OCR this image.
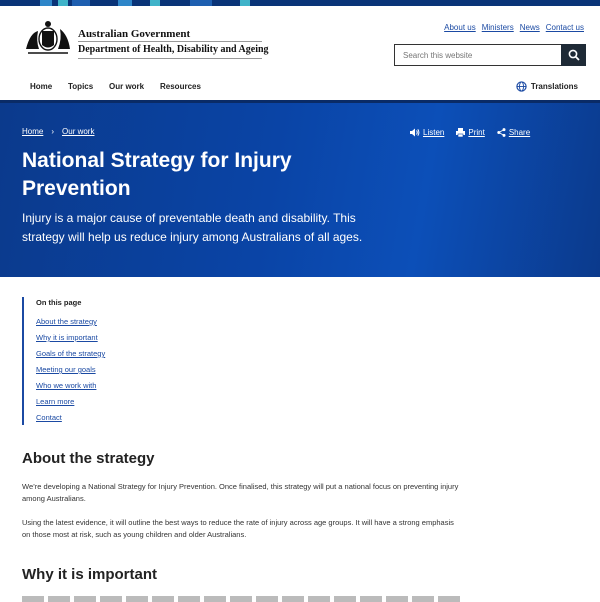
Australian Government
Department of Health, Disability and Ageing
About us Ministers News Contact us
Search this website
Home Topics Our work Resources	Translations
Home › Our work	Listen	Print	Share
National Strategy for Injury Prevention

Injury is a major cause of preventable death and disability. This strategy will help us reduce injury among Australians of all ages.

On this page
About the strategy
Why it is important
Goals of the strategy
Meeting our goals
Who we work with
Learn more
Contact
About the strategy

We’re developing a National Strategy for Injury Prevention. Once finalised, this strategy will put a national focus on preventing injury among Australians.

Using the latest evidence, it will outline the best ways to reduce the rate of injury across age groups. It will have a strong emphasis on those most at risk, such as young children and older Australians.

Why it is important
